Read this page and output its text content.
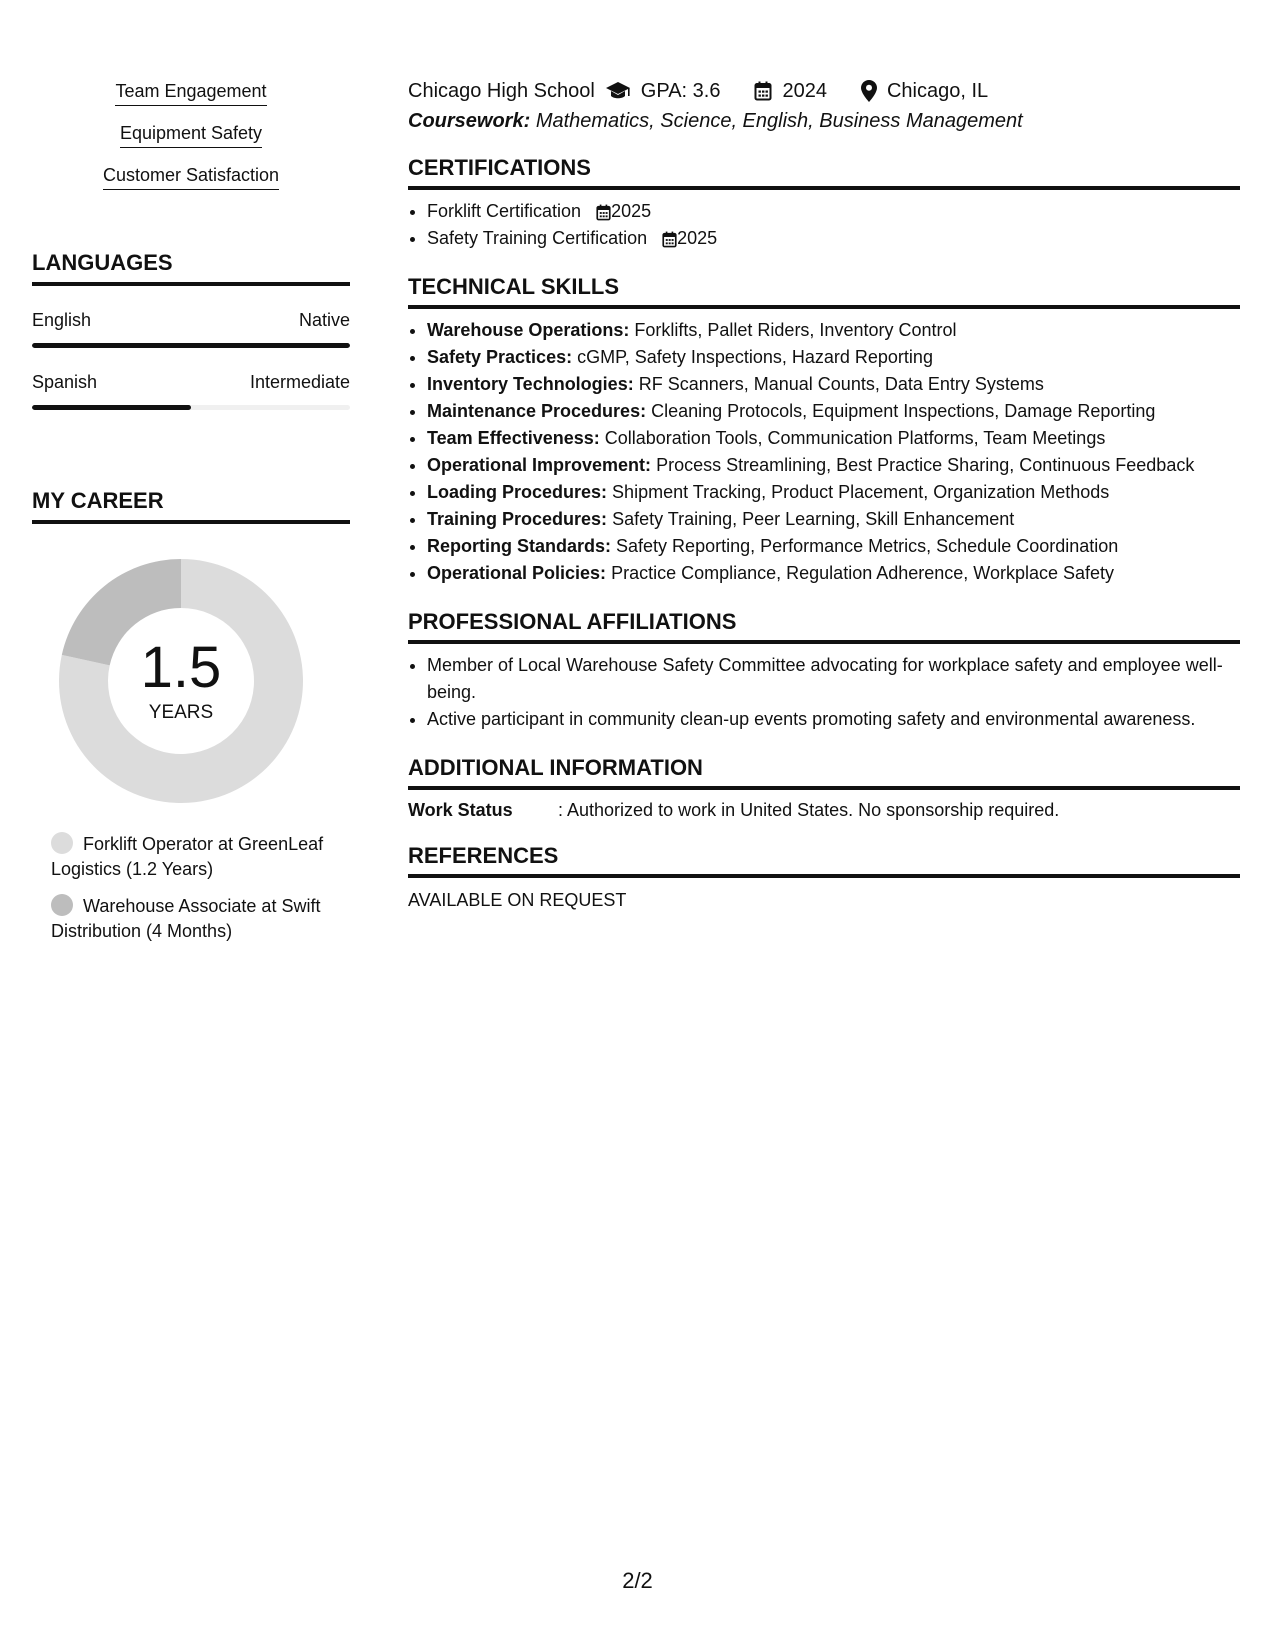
Team Engagement
Equipment Safety
Customer Satisfaction
LANGUAGES
English	Native
Spanish	Intermediate
MY CAREER
1.5
YEARS
Forklift Operator at GreenLeaf Logistics (1.2 Years)
Warehouse Associate at Swift Distribution (4 Months)
Chicago High School GPA: 3.6	2024	Chicago, IL
Coursework: Mathematics, Science, English, Business Management
CERTIFICATIONS
• Forklift Certification 2025
• Safety Training Certification 2025
TECHNICAL SKILLS
• Warehouse Operations: Forklifts, Pallet Riders, Inventory Control
• Safety Practices: cGMP, Safety Inspections, Hazard Reporting
• Inventory Technologies: RF Scanners, Manual Counts, Data Entry Systems
• Maintenance Procedures: Cleaning Protocols, Equipment Inspections, Damage Reporting
• Team Effectiveness: Collaboration Tools, Communication Platforms, Team Meetings
• Operational Improvement: Process Streamlining, Best Practice Sharing, Continuous Feedback
• Loading Procedures: Shipment Tracking, Product Placement, Organization Methods
• Training Procedures: Safety Training, Peer Learning, Skill Enhancement
• Reporting Standards: Safety Reporting, Performance Metrics, Schedule Coordination
• Operational Policies: Practice Compliance, Regulation Adherence, Workplace Safety
PROFESSIONAL AFFILIATIONS
• Member of Local Warehouse Safety Committee advocating for workplace safety and employee well-being.
• Active participant in community clean-up events promoting safety and environmental awareness.
ADDITIONAL INFORMATION
Work Status	: Authorized to work in United States. No sponsorship required.
REFERENCES
AVAILABLE ON REQUEST
2/2
